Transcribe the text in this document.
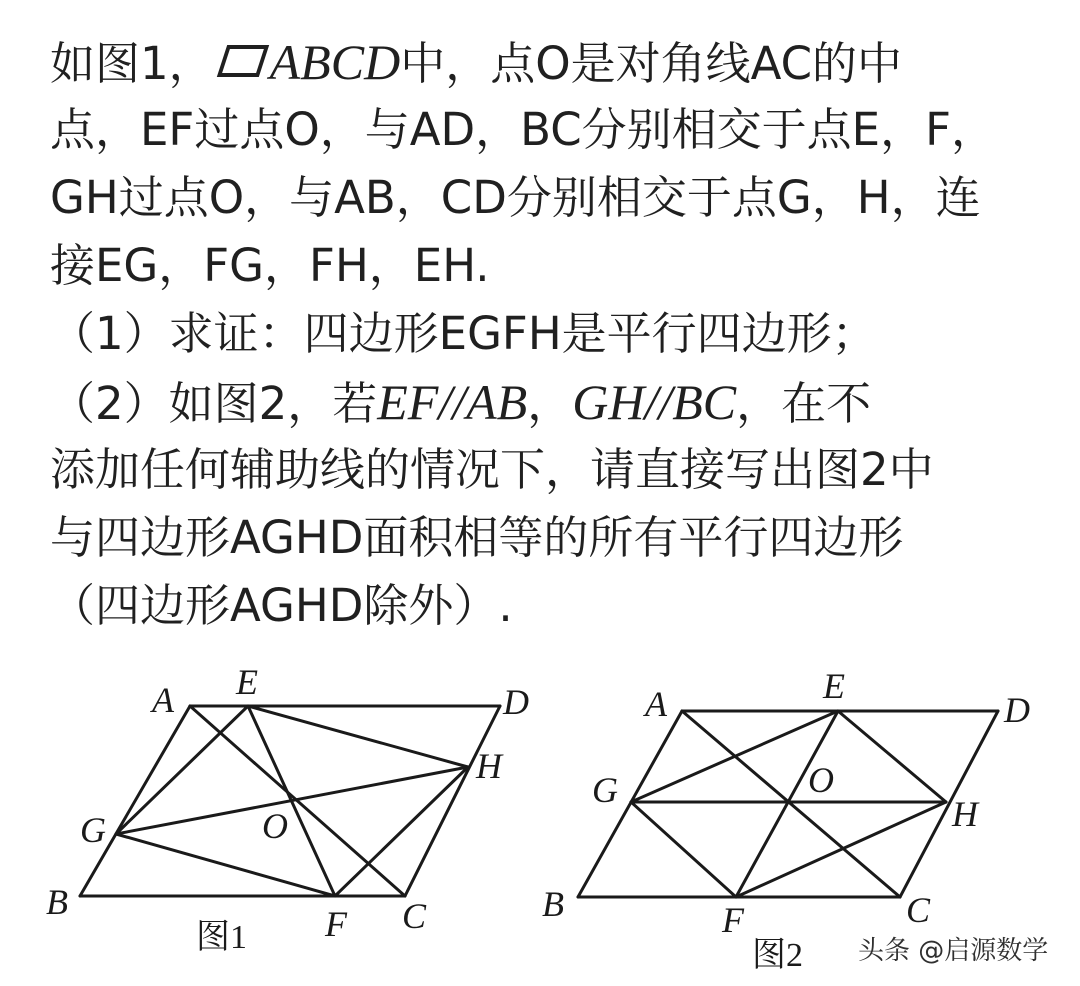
如图1， ABCD中，点O是对角线AC的中
点，EF过点O，与AD，BC分别相交于点E，F，
GH过点O，与AB，CD分别相交于点G，H，连
接EG，FG，FH，EH.
（1）求证：四边形EGFH是平行四边形；
（2）如图2，若EF//AB，GH//BC，在不
添加任何辅助线的情况下，请直接写出图2中
与四边形AGHD面积相等的所有平行四边形
（四边形AGHD除外）.
A E	D
H
G	O
B
F C
图1
A	E
D
G	O
H
B	F	C
图2 头条 @启源数学
